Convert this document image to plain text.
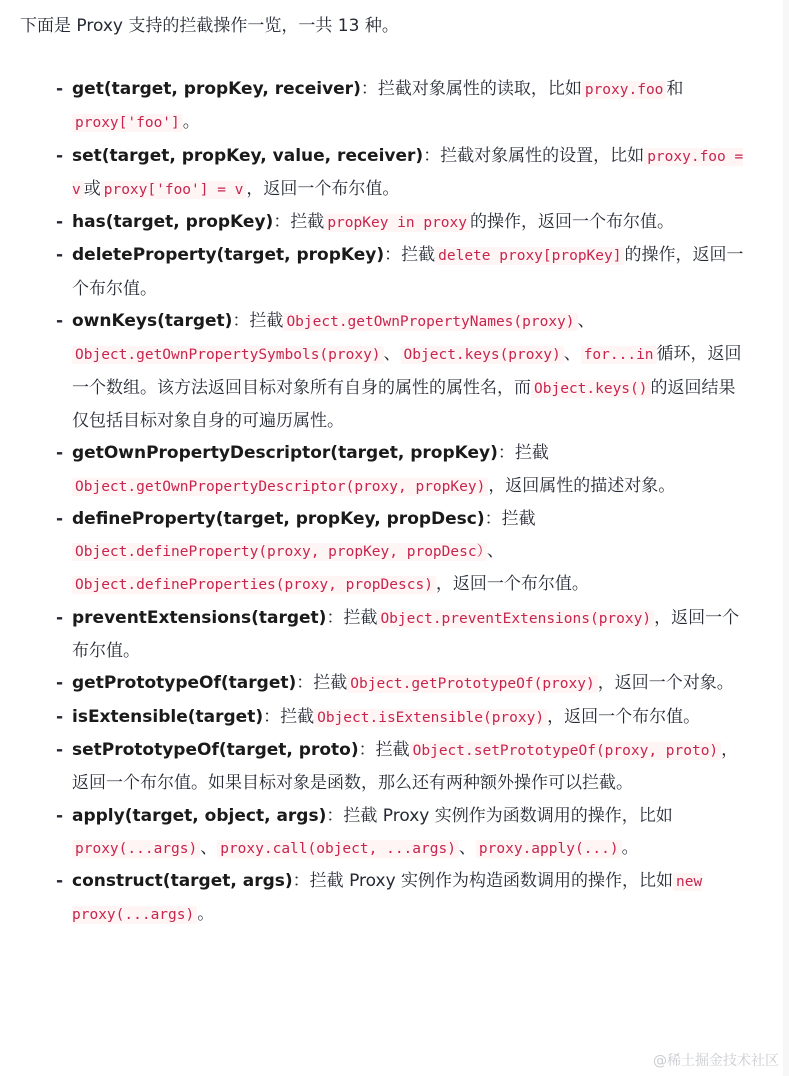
下面是 Proxy 支持的拦截操作一览，一共 13 种。
- get(target, propKey, receiver)：拦截对象属性的读取，比如 proxy.foo 和proxy['foo'] 。
- set(target, propKey, value, receiver)：拦截对象属性的设置，比如 proxy.foo = v 或 proxy['foo'] = v ，返回一个布尔值。
- has(target, propKey)：拦截 propKey in proxy 的操作，返回一个布尔值。
- deleteProperty(target, propKey)：拦截 delete proxy[propKey] 的操作，返回一个布尔值。
- ownKeys(target)：拦截 Object.getOwnPropertyNames(proxy) 、Object.getOwnPropertySymbols(proxy) 、 Object.keys(proxy) 、 for...in 循环，返回一个数组。该方法返回目标对象所有自身的属性的属性名，而 Object.keys() 的返回结果仅包括目标对象自身的可遍历属性。
- getOwnPropertyDescriptor(target, propKey)：拦截Object.getOwnPropertyDescriptor(proxy, propKey) ，返回属性的描述对象。
- defineProperty(target, propKey, propDesc)：拦截Object.defineProperty(proxy, propKey, propDesc） 、Object.defineProperties(proxy, propDescs) ，返回一个布尔值。
- preventExtensions(target)：拦截 Object.preventExtensions(proxy) ，返回一个布尔值。
- getPrototypeOf(target)：拦截 Object.getPrototypeOf(proxy) ，返回一个对象。
- isExtensible(target)：拦截 Object.isExtensible(proxy) ，返回一个布尔值。
- setPrototypeOf(target, proto)：拦截 Object.setPrototypeOf(proxy, proto) ，返回一个布尔值。如果目标对象是函数，那么还有两种额外操作可以拦截。
- apply(target, object, args)：拦截 Proxy 实例作为函数调用的操作，比如proxy(...args) 、 proxy.call(object, ...args) 、 proxy.apply(...) 。
- construct(target, args)：拦截 Proxy 实例作为构造函数调用的操作，比如 new proxy(...args) 。
@稀土掘金技术社区
